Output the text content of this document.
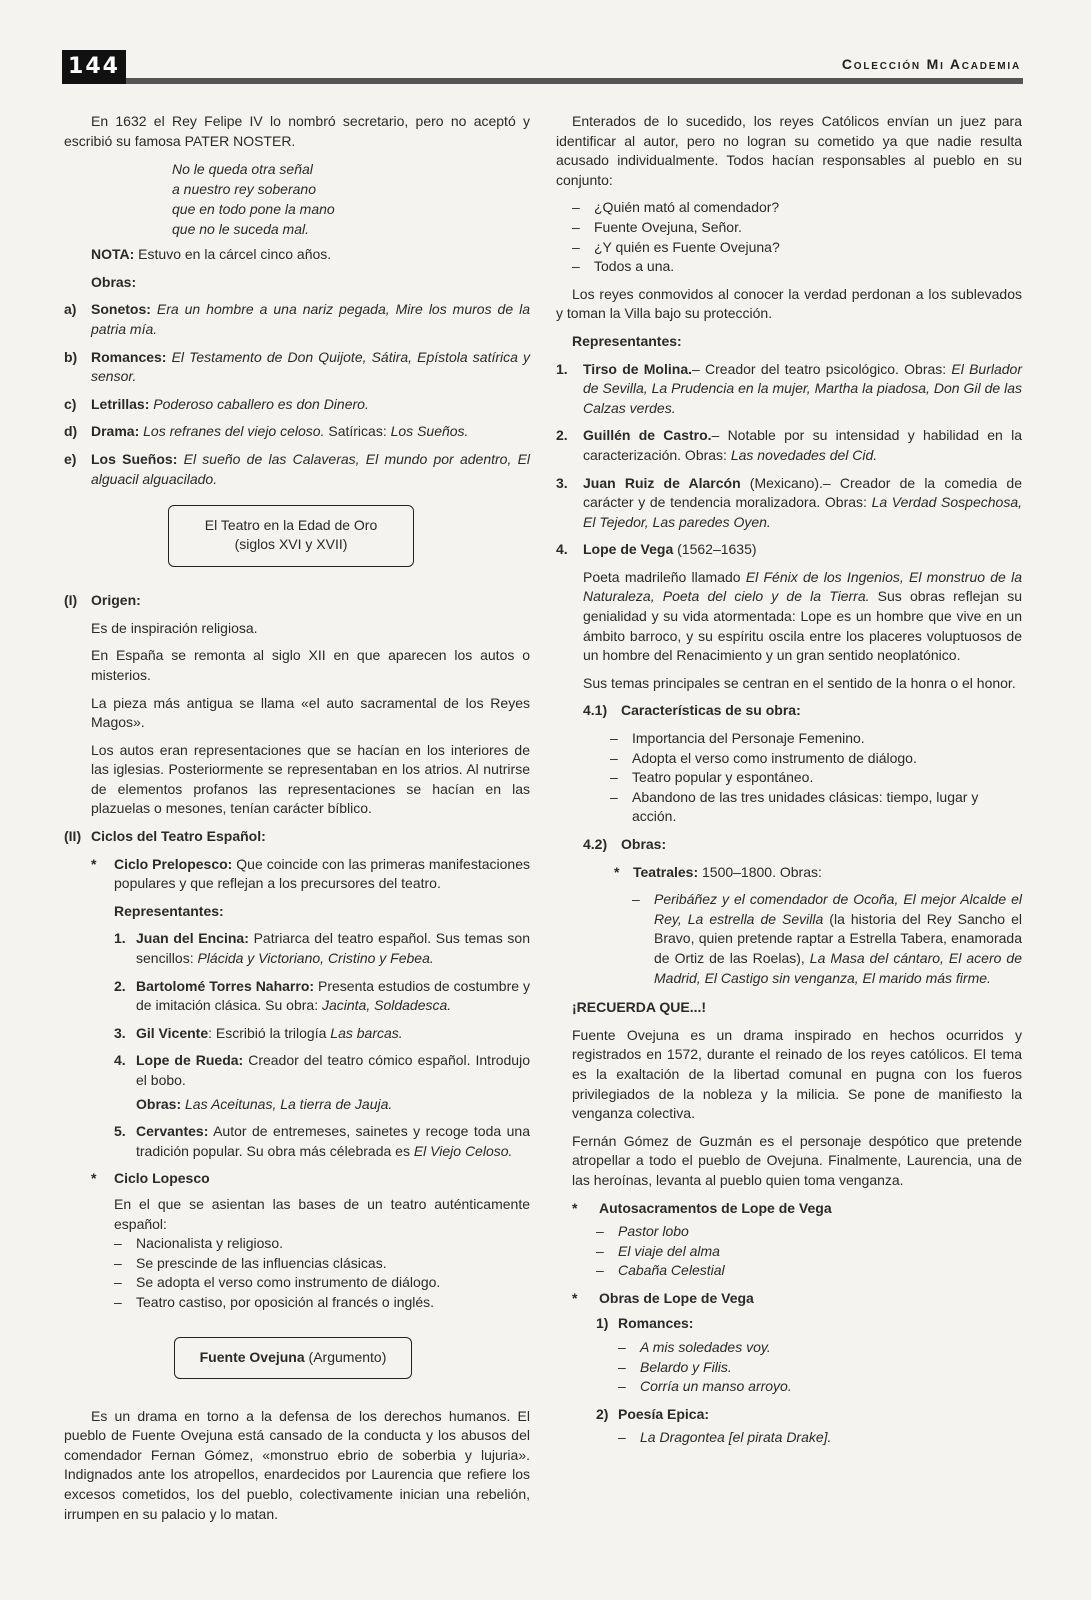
144	Colección Mi Academia

En 1632 el Rey Felipe IV lo nombró secretario, pero no aceptó y escribió su famosa PATER NOSTER.

No le queda otra señal
a nuestro rey soberano
que en todo pone la mano
que no le suceda mal.

NOTA: Estuvo en la cárcel cinco años.

Obras:

a) Sonetos: Era un hombre a una nariz pegada, Mire los muros de la patria mía.
b) Romances: El Testamento de Don Quijote, Sátira, Epístola satírica y sensor.
c) Letrillas: Poderoso caballero es don Dinero.
d) Drama: Los refranes del viejo celoso. Satíricas: Los Sueños.
e) Los Sueños: El sueño de las Calaveras, El mundo por adentro, El alguacil alguacilado.
El Teatro en la Edad de Oro
(siglos XVI y XVII)
(I) Origen:

Es de inspiración religiosa.

En España se remonta al siglo XII en que aparecen los autos o misterios.

La pieza más antigua se llama «el auto sacramental de los Reyes Magos».

Los autos eran representaciones que se hacían en los interiores de las iglesias. Posteriormente se representaban en los atrios. Al nutrirse de elementos profanos las representaciones se hacían en las plazuelas o mesones, tenían carácter bíblico.

(II) Ciclos del Teatro Español:
* Ciclo Prelopesco: Que coincide con las primeras manifestaciones populares y que reflejan a los precursores del teatro.

Representantes:

1. Juan del Encina: Patriarca del teatro español. Sus temas son sencillos: Plácida y Victoriano, Cristino y Febea.
2. Bartolomé Torres Naharro: Presenta estudios de costumbre y de imitación clásica. Su obra: Jacinta, Soldadesca.
3. Gil Vicente: Escribió la trilogía Las barcas.
4. Lope de Rueda: Creador del teatro cómico español. Introdujo el bobo.

Obras: Las Aceitunas, La tierra de Jauja.

5. Cervantes: Autor de entremeses, sainetes y recoge toda una tradición popular. Su obra más célebrada es El Viejo Celoso.
* Ciclo Lopesco

En el que se asientan las bases de un teatro auténticamente español:

– Nacionalista y religioso.
– Se prescinde de las influencias clásicas.
– Se adopta el verso como instrumento de diálogo.
– Teatro castiso, por oposición al francés o inglés.
Fuente Ovejuna (Argumento)

Es un drama en torno a la defensa de los derechos humanos. El pueblo de Fuente Ovejuna está cansado de la conducta y los abusos del comendador Fernan Gómez, «monstruo ebrio de soberbia y lujuria». Indignados ante los atropellos, enardecidos por Laurencia que refiere los excesos cometidos, los del pueblo, colectivamente inician una rebelión, irrumpen en su palacio y lo matan.

Enterados de lo sucedido, los reyes Católicos envían un juez para identificar al autor, pero no logran su cometido ya que nadie resulta acusado individualmente. Todos hacían responsables al pueblo en su conjunto:

– ¿Quién mató al comendador?
– Fuente Ovejuna, Señor.
– ¿Y quién es Fuente Ovejuna?
– Todos a una.

Los reyes conmovidos al conocer la verdad perdonan a los sublevados y toman la Villa bajo su protección.

Representantes:

1. Tirso de Molina.– Creador del teatro psicológico. Obras: El Burlador de Sevilla, La Prudencia en la mujer, Martha la piadosa, Don Gil de las Calzas verdes.
2. Guillén de Castro.– Notable por su intensidad y habilidad en la caracterización. Obras: Las novedades del Cid.
3. Juan Ruiz de Alarcón (Mexicano).– Creador de la comedia de carácter y de tendencia moralizadora. Obras: La Verdad Sospechosa, El Tejedor, Las paredes Oyen.
4. Lope de Vega (1562–1635)

Poeta madrileño llamado El Fénix de los Ingenios, El monstruo de la Naturaleza, Poeta del cielo y de la Tierra. Sus obras reflejan su genialidad y su vida atormentada: Lope es un hombre que vive en un ámbito barroco, y su espíritu oscila entre los placeres voluptuosos de un hombre del Renacimiento y un gran sentido neoplatónico.

Sus temas principales se centran en el sentido de la honra o el honor.

4.1) Características de su obra:
– Importancia del Personaje Femenino.
– Adopta el verso como instrumento de diálogo.
– Teatro popular y espontáneo.
– Abandono de las tres unidades clásicas: tiempo, lugar y acción.
4.2) Obras:
* Teatrales: 1500–1800. Obras:
– Peribáñez y el comendador de Ocoña, El mejor Alcalde el Rey, La estrella de Sevilla (la historia del Rey Sancho el Bravo, quien pretende raptar a Estrella Tabera, enamorada de Ortiz de las Roelas), La Masa del cántaro, El acero de Madrid, El Castigo sin venganza, El marido más firme.

¡RECUERDA QUE...!

Fuente Ovejuna es un drama inspirado en hechos ocurridos y registrados en 1572, durante el reinado de los reyes católicos. El tema es la exaltación de la libertad comunal en pugna con los fueros privilegiados de la nobleza y la milicia. Se pone de manifiesto la venganza colectiva.

Fernán Gómez de Guzmán es el personaje despótico que pretende atropellar a todo el pueblo de Ovejuna. Finalmente, Laurencia, una de las heroínas, levanta al pueblo quien toma venganza.

* Autosacramentos de Lope de Vega
– Pastor lobo
– El viaje del alma
– Cabaña Celestial
* Obras de Lope de Vega
1) Romances:
– A mis soledades voy.
– Belardo y Filis.
– Corría un manso arroyo.
2) Poesía Epica:
– La Dragontea [el pirata Drake].
